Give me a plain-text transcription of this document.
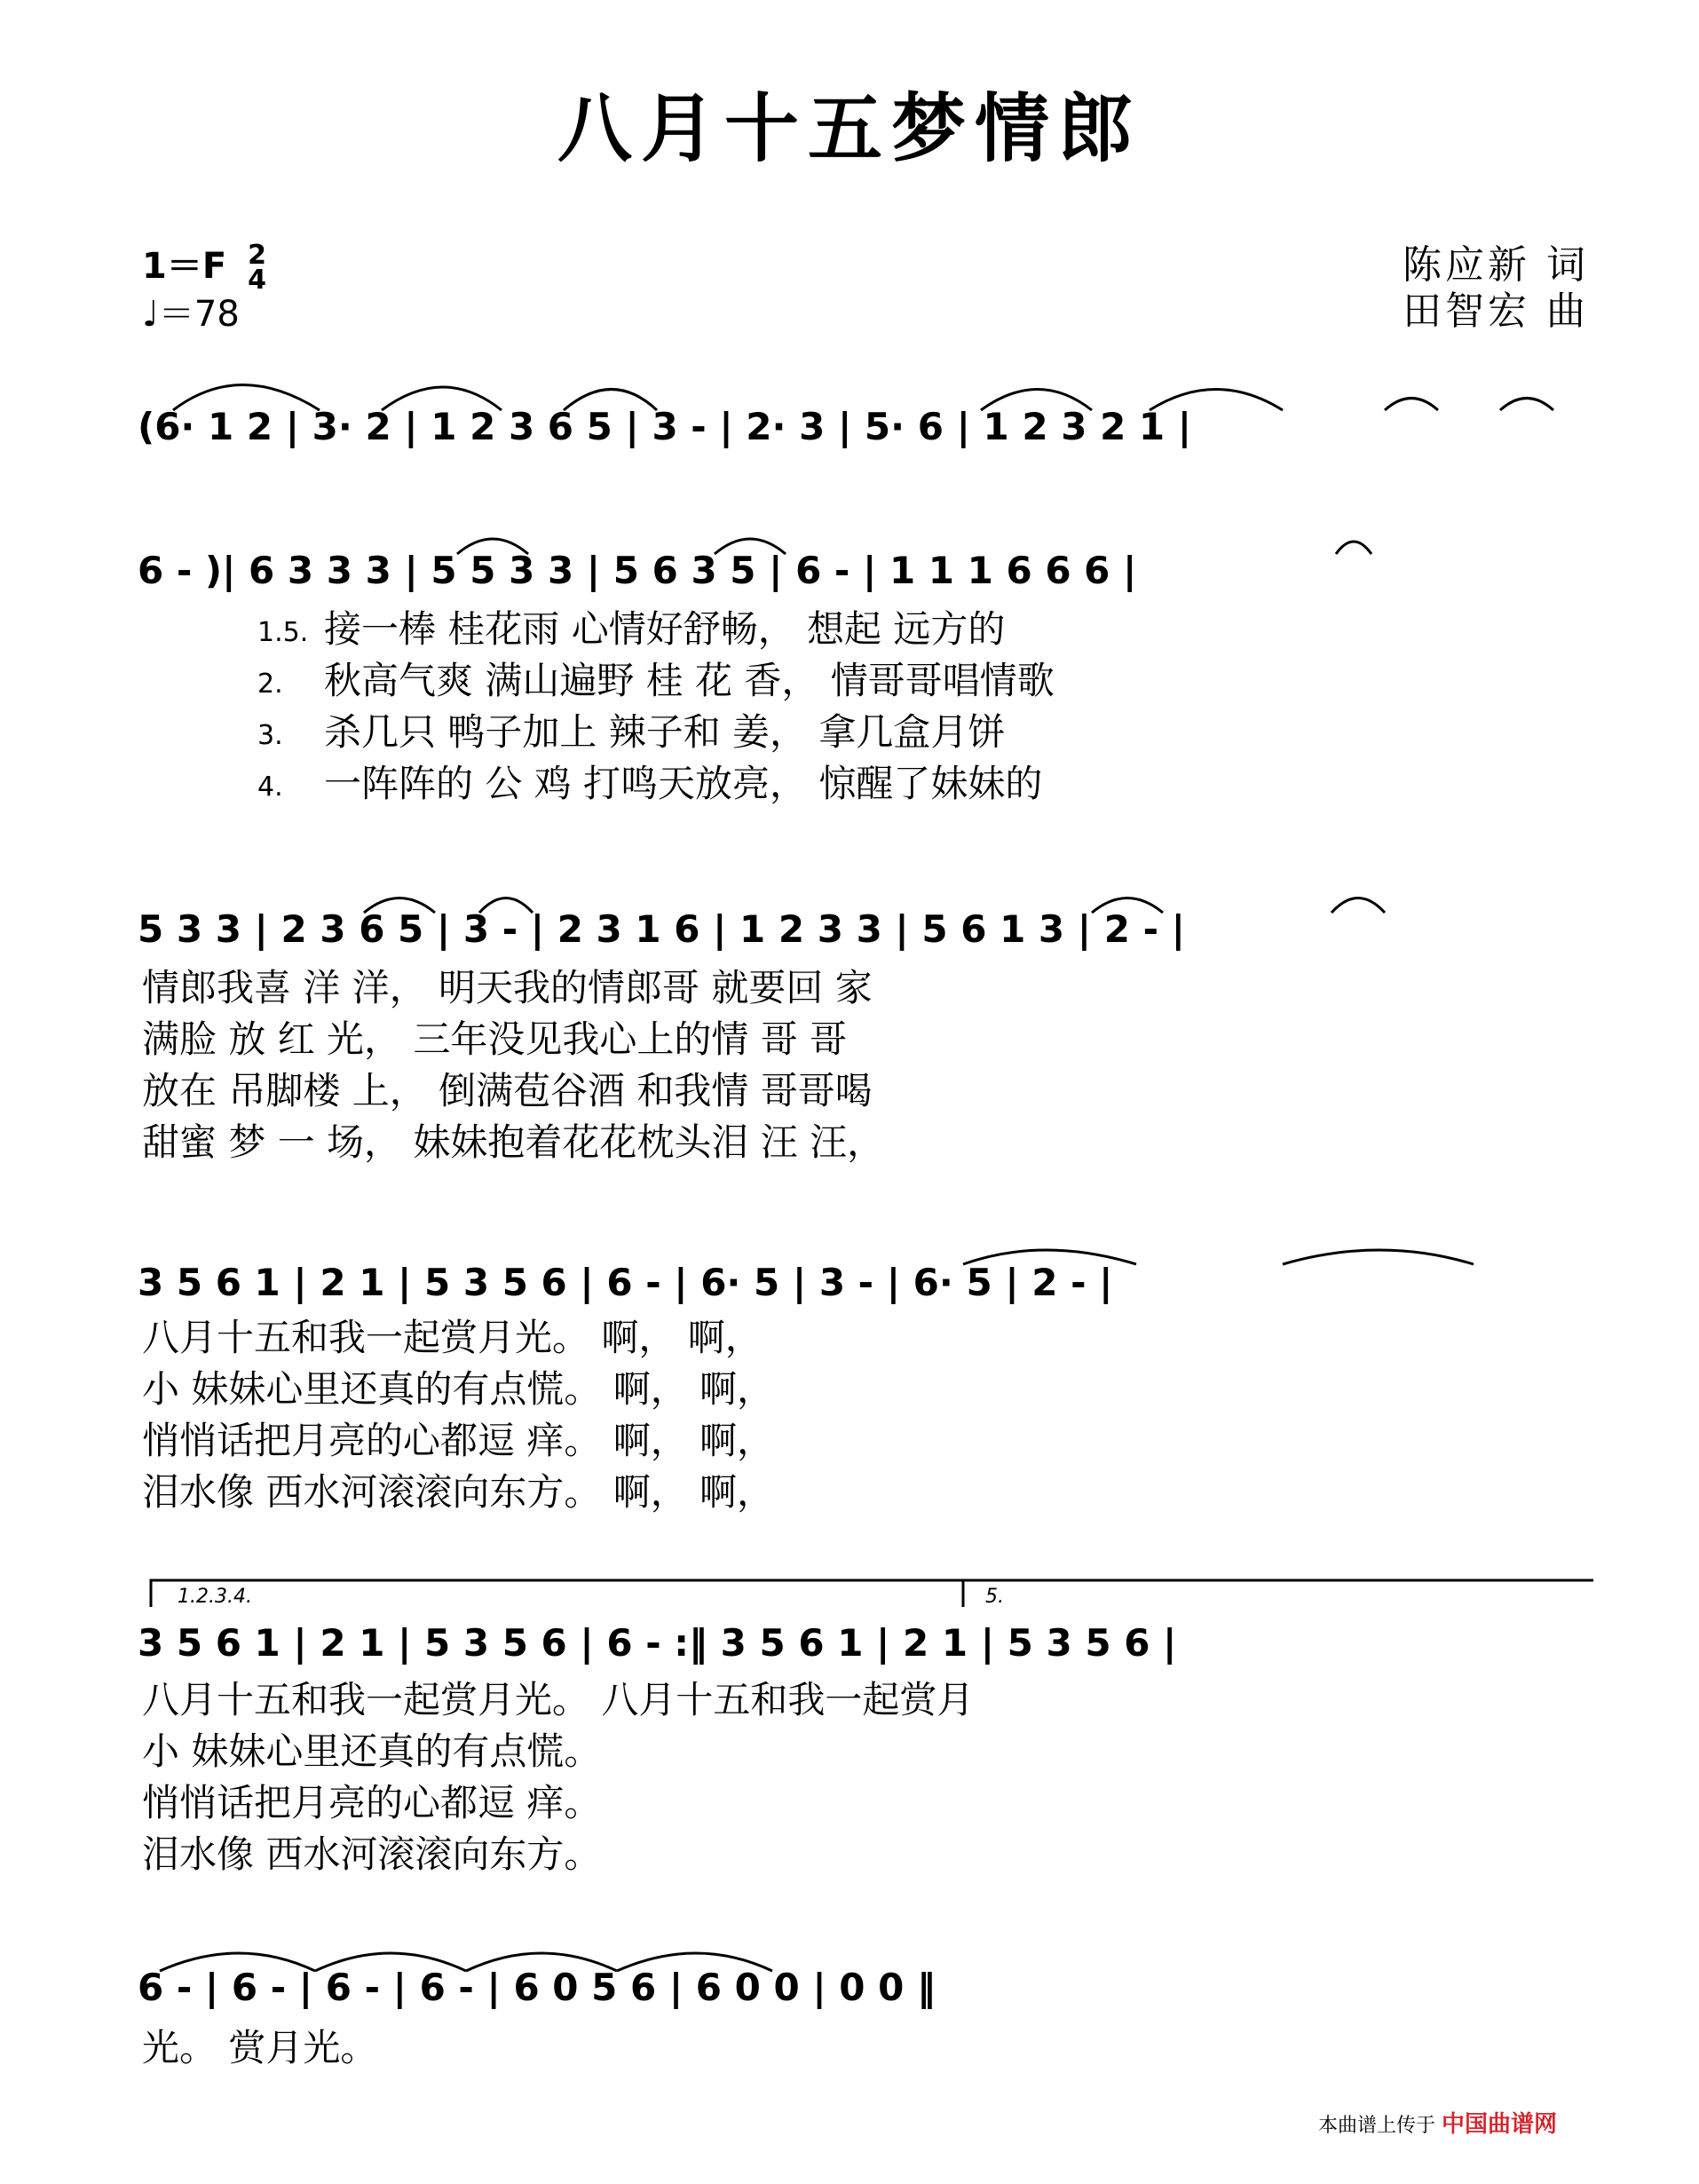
八月十五梦情郎
1＝F 2
4
♩＝78
陈应新 词
田智宏 曲
(6· 1 2 | 3· 2 | 1 2 3 6 5 | 3 - | 2· 3 | 5· 6 | 1 2 3 2 1 |
6 - )| 6 3 3 3 | 5 5 3 3 | 5 6 3 5 | 6 - | 1 1 1 6 6 6 |
1.5.
2.
3.
4.
接一棒 桂花雨 心情好舒畅， 想起 远方的
秋高气爽 满山遍野 桂 花 香， 情哥哥唱情歌
杀几只 鸭子加上 辣子和 姜， 拿几盒月饼
一阵阵的 公 鸡 打鸣天放亮， 惊醒了妹妹的
5 3 3 | 2 3 6 5 | 3 - | 2 3 1 6 | 1 2 3 3 | 5 6 1 3 | 2 - |
情郎我喜 洋 洋， 明天我的情郎哥 就要回 家
满脸 放 红 光， 三年没见我心上的情 哥 哥
放在 吊脚楼 上， 倒满苞谷酒 和我情 哥哥喝
甜蜜 梦 一 场， 妹妹抱着花花枕头泪 汪 汪，
3 5 6 1 | 2 1 | 5 3 5 6 | 6 - | 6· 5 | 3 - | 6· 5 | 2 - |
八月十五和我一起赏月光。 啊， 啊，
小 妹妹心里还真的有点慌。 啊， 啊，
悄悄话把月亮的心都逗 痒。 啊， 啊，
泪水像 西水河滚滚向东方。 啊， 啊，
1.2.3.4.	5.
3 5 6 1 | 2 1 | 5 3 5 6 | 6 - :‖ 3 5 6 1 | 2 1 | 5 3 5 6 |
八月十五和我一起赏月光。 八月十五和我一起赏月
小 妹妹心里还真的有点慌。
悄悄话把月亮的心都逗 痒。
泪水像 西水河滚滚向东方。
6 - | 6 - | 6 - | 6 - | 6 0 5 6 | 6 0 0 | 0 0 ‖
光。 赏月光。
本曲谱上传于 中国曲谱网
